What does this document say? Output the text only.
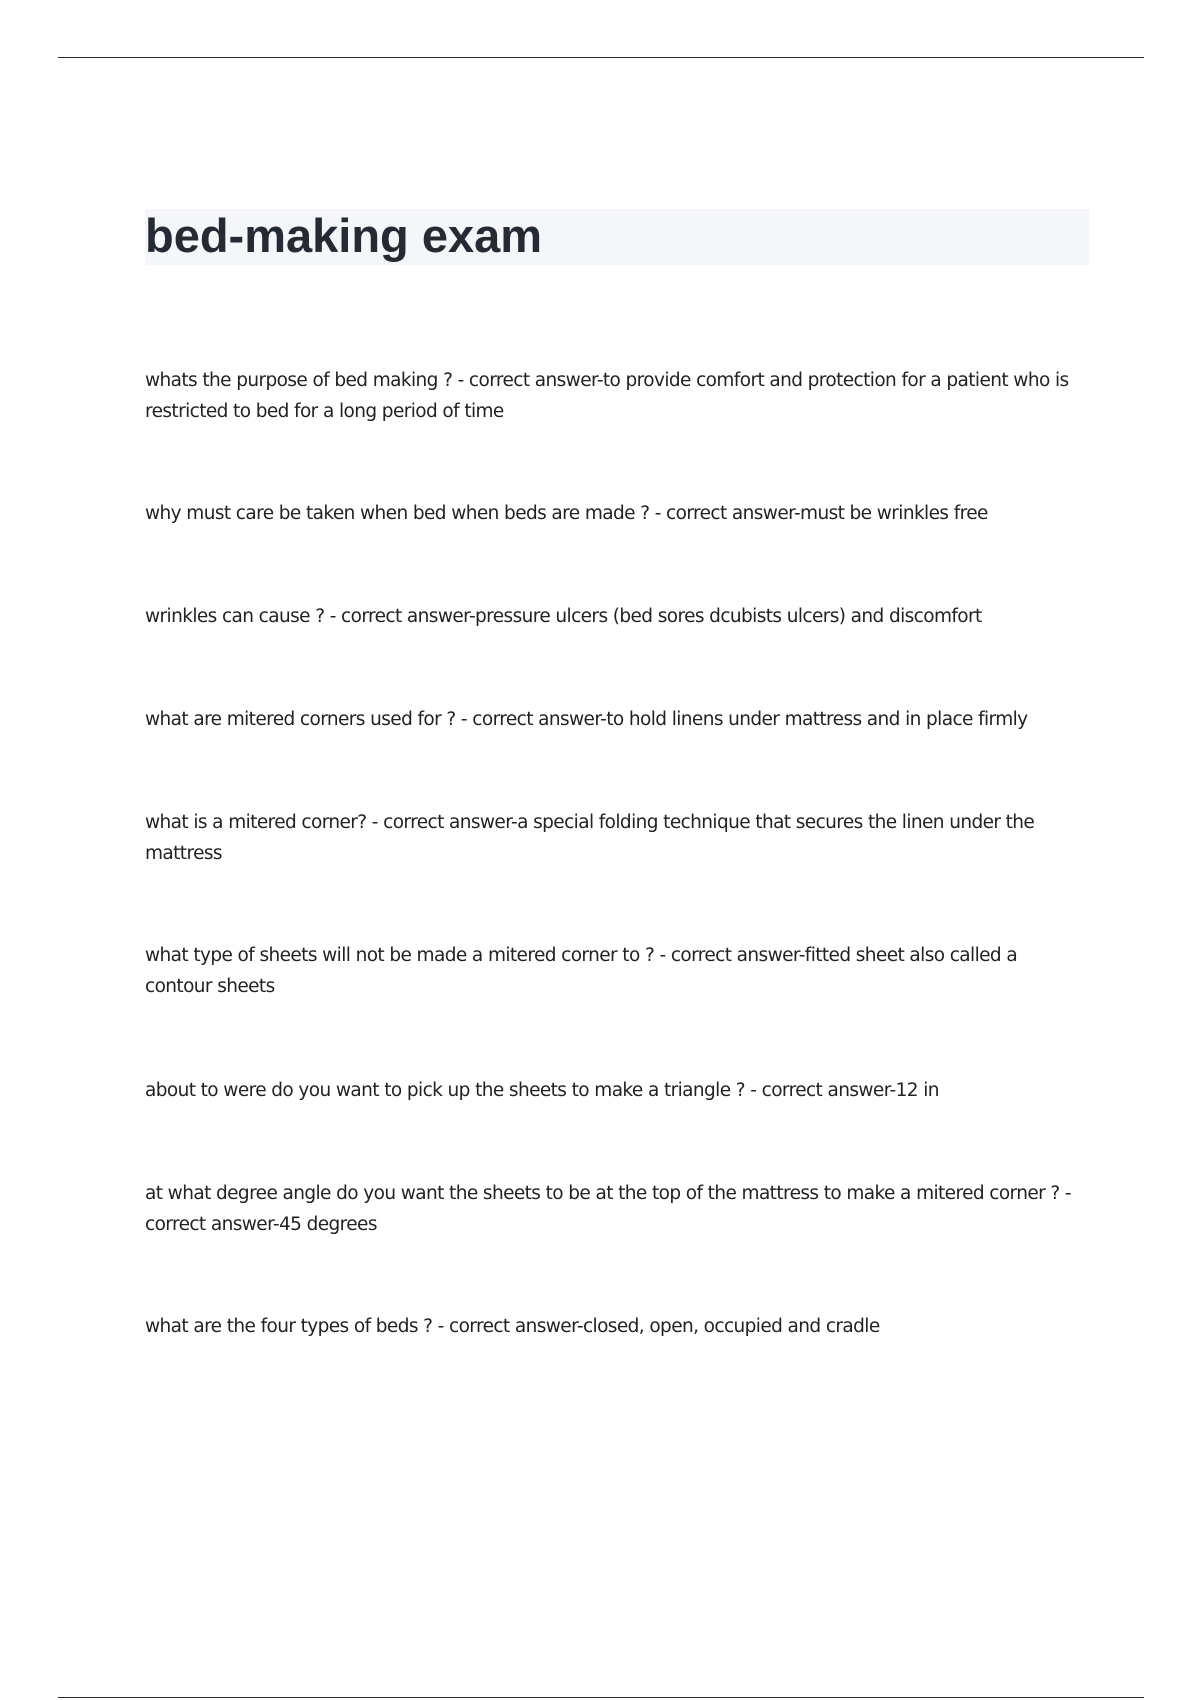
bed-making exam

whats the purpose of bed making ? - correct answer-to provide comfort and protection for a patient who is restricted to bed for a long period of time

why must care be taken when bed when beds are made ? - correct answer-must be wrinkles free

wrinkles can cause ? - correct answer-pressure ulcers (bed sores dcubists ulcers) and discomfort

what are mitered corners used for ? - correct answer-to hold linens under mattress and in place firmly

what is a mitered corner? - correct answer-a special folding technique that secures the linen under the mattress

what type of sheets will not be made a mitered corner to ? - correct answer-fitted sheet also called a contour sheets

about to were do you want to pick up the sheets to make a triangle ? - correct answer-12 in

at what degree angle do you want the sheets to be at the top of the mattress to make a mitered corner ? - correct answer-45 degrees

what are the four types of beds ? - correct answer-closed, open, occupied and cradle
